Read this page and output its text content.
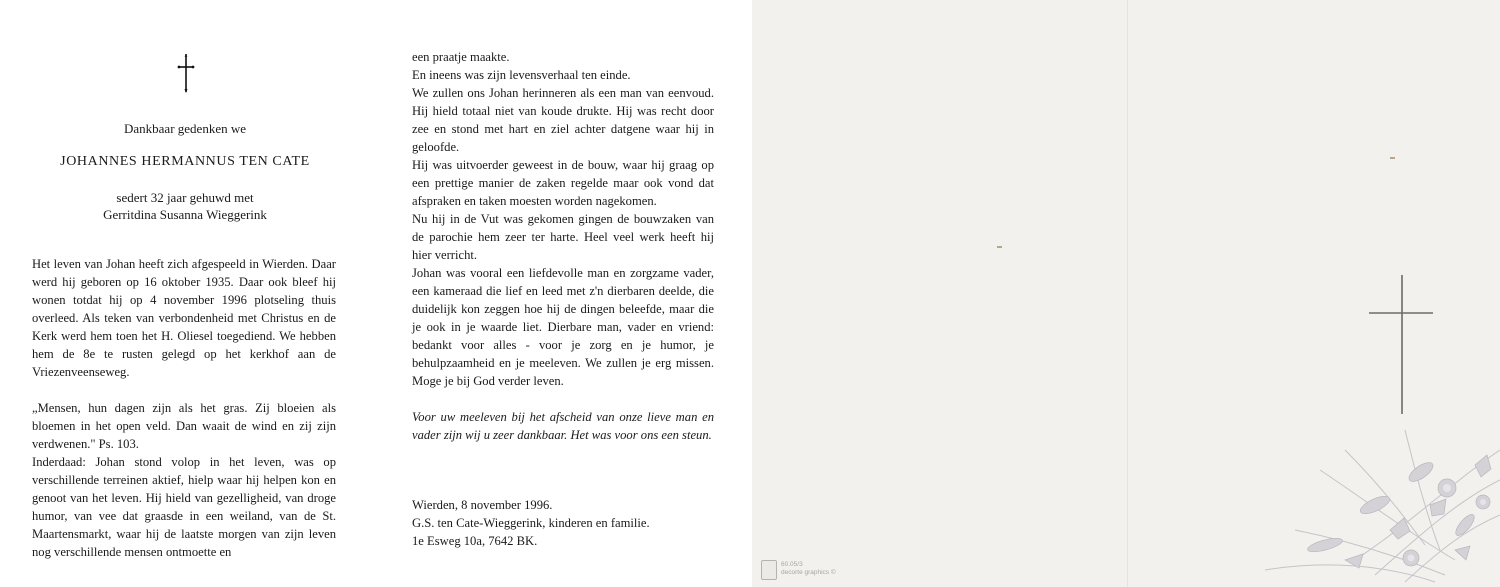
Dankbaar gedenken we
JOHANNES HERMANNUS TEN CATE
sedert 32 jaar gehuwd met
Gerritdina Susanna Wieggerink

Het leven van Johan heeft zich afgespeeld in Wierden. Daar werd hij geboren op 16 oktober 1935. Daar ook bleef hij wonen totdat hij op 4 november 1996 plotseling thuis overleed. Als teken van verbondenheid met Christus en de Kerk werd hem toen het H. Oliesel toegediend. We hebben hem de 8e te rusten gelegd op het kerkhof aan de Vriezenveenseweg.

„Mensen, hun dagen zijn als het gras. Zij bloeien als bloemen in het open veld. Dan waait de wind en zij zijn verdwenen." Ps. 103.

Inderdaad: Johan stond volop in het leven, was op verschillende terreinen aktief, hielp waar hij helpen kon en genoot van het leven. Hij hield van gezelligheid, van droge humor, van vee dat graasde in een weiland, van de St. Maartensmarkt, waar hij de laatste morgen van zijn leven nog verschillende mensen ontmoette en

een praatje maakte.

En ineens was zijn levensverhaal ten einde.

We zullen ons Johan herinneren als een man van eenvoud. Hij hield totaal niet van koude drukte. Hij was recht door zee en stond met hart en ziel achter datgene waar hij in geloofde.

Hij was uitvoerder geweest in de bouw, waar hij graag op een prettige manier de zaken regelde maar ook vond dat afspraken en taken moesten worden nagekomen.

Nu hij in de Vut was gekomen gingen de bouwzaken van de parochie hem zeer ter harte. Heel veel werk heeft hij hier verricht.

Johan was vooral een liefdevolle man en zorgzame vader, een kameraad die lief en leed met z'n dierbaren deelde, die duidelijk kon zeggen hoe hij de dingen beleefde, maar die je ook in je waarde liet. Dierbare man, vader en vriend: bedankt voor alles - voor je zorg en je humor, je behulpzaamheid en je meeleven. We zullen je erg missen. Moge je bij God verder leven.

Voor uw meeleven bij het afscheid van onze lieve man en vader zijn wij u zeer dankbaar. Het was voor ons een steun.

Wierden, 8 november 1996.

G.S. ten Cate-Wieggerink, kinderen en familie.

1e Esweg 10a, 7642 BK.

60.05/3
decorte graphics ©
